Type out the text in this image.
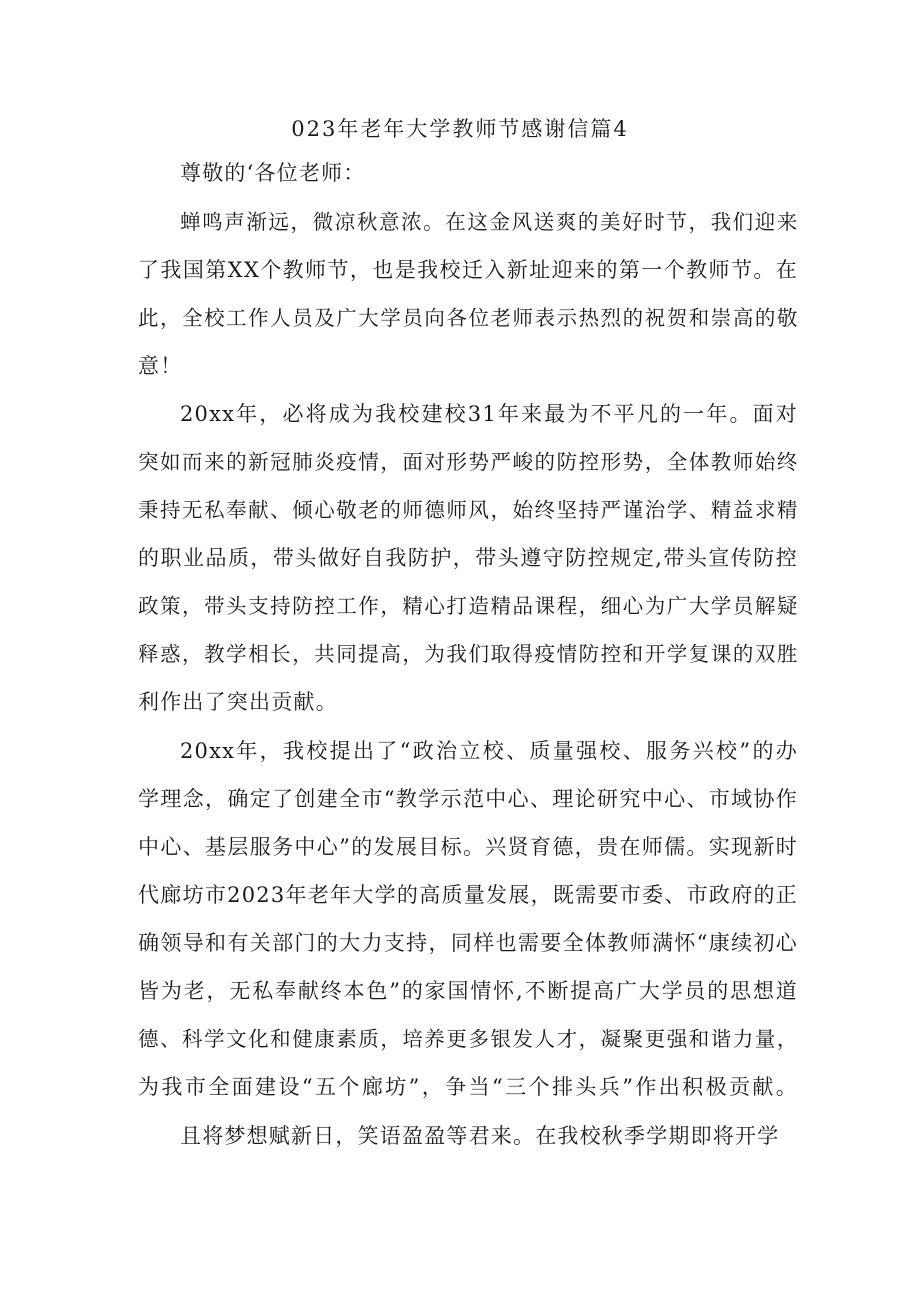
023年老年大学教师节感谢信篇4
尊敬的‘各位老师：
蝉鸣声渐远，微凉秋意浓。在这金风送爽的美好时节，我们迎来
了我国第XX个教师节，也是我校迁入新址迎来的第一个教师节。在
此，全校工作人员及广大学员向各位老师表示热烈的祝贺和崇高的敬
意！
20xx年，必将成为我校建校31年来最为不平凡的一年。面对
突如而来的新冠肺炎疫情，面对形势严峻的防控形势，全体教师始终
秉持无私奉献、倾心敬老的师德师风，始终坚持严谨治学、精益求精
的职业品质，带头做好自我防护，带头遵守防控规定,带头宣传防控
政策，带头支持防控工作，精心打造精品课程，细心为广大学员解疑
释惑，教学相长，共同提高，为我们取得疫情防控和开学复课的双胜
利作出了突出贡献。
20xx年，我校提出了“政治立校、质量强校、服务兴校”的办
学理念，确定了创建全市“教学示范中心、理论研究中心、市域协作
中心、基层服务中心”的发展目标。兴贤育德，贵在师儒。实现新时
代廊坊市2023年老年大学的高质量发展，既需要市委、市政府的正
确领导和有关部门的大力支持，同样也需要全体教师满怀“康续初心
皆为老，无私奉献终本色”的家国情怀,不断提高广大学员的思想道
德、科学文化和健康素质，培养更多银发人才，凝聚更强和谐力量，
为我市全面建设“五个廊坊”，争当“三个排头兵”作出积极贡献。
且将梦想赋新日，笑语盈盈等君来。在我校秋季学期即将开学
